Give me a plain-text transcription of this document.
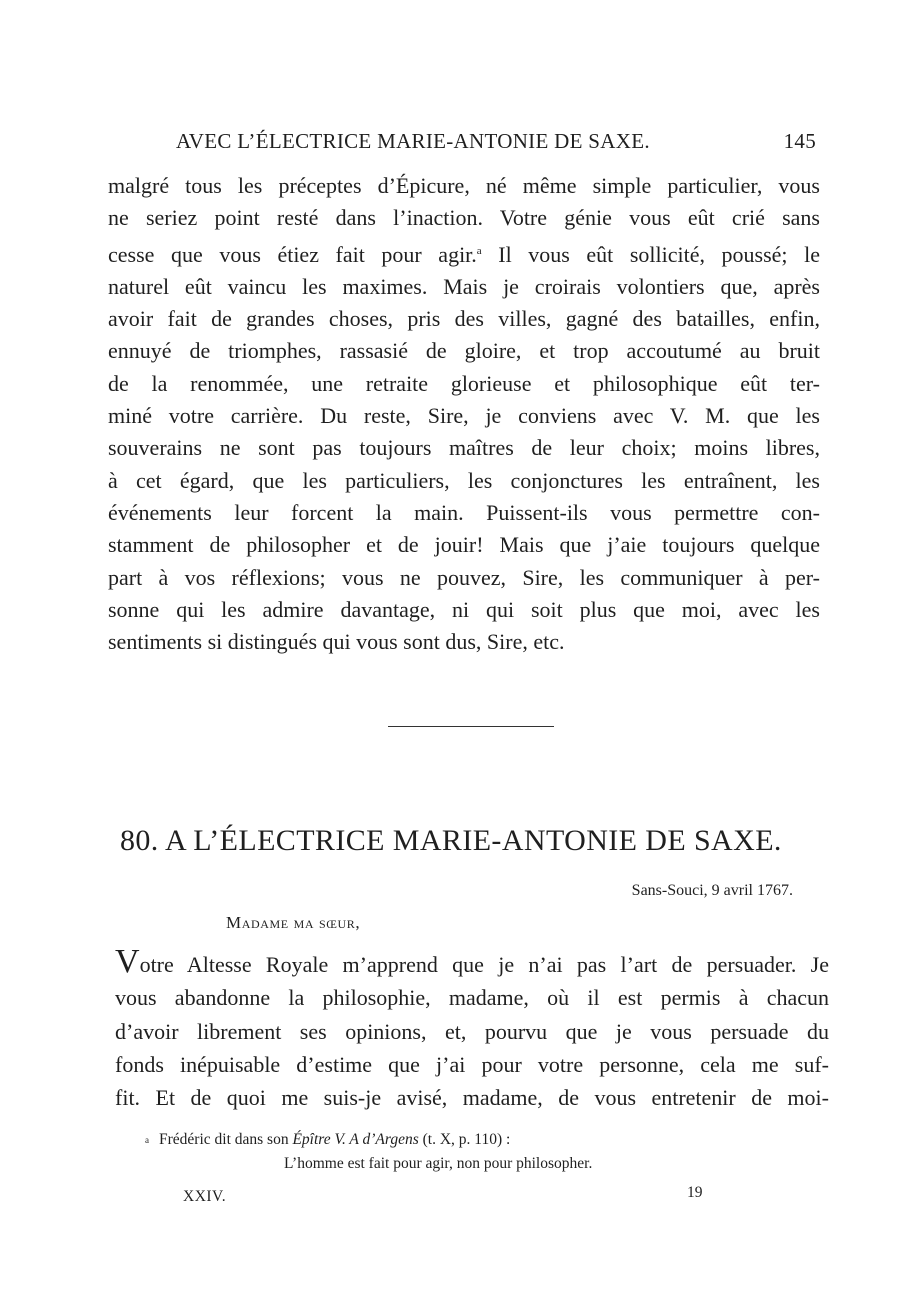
AVEC L’ÉLECTRICE MARIE-ANTONIE DE SAXE.	145
malgré tous les préceptes d’Épicure, né même simple particulier, vous
ne seriez point resté dans l’inaction. Votre génie vous eût crié sans
cesse que vous étiez fait pour agir.$^a$ Il vous eût sollicité, poussé; le
naturel eût vaincu les maximes. Mais je croirais volontiers que, après
avoir fait de grandes choses, pris des villes, gagné des batailles, enfin,
ennuyé de triomphes, rassasié de gloire, et trop accoutumé au bruit
de la renommée, une retraite glorieuse et philosophique eût ter-
miné votre carrière. Du reste, Sire, je conviens avec V. M. que les
souverains ne sont pas toujours maîtres de leur choix; moins libres,
à cet égard, que les particuliers, les conjonctures les entraînent, les
événements leur forcent la main. Puissent-ils vous permettre con-
stamment de philosopher et de jouir! Mais que j’aie toujours quelque
part à vos réflexions; vous ne pouvez, Sire, les communiquer à per-
sonne qui les admire davantage, ni qui soit plus que moi, avec les
sentiments si distingués qui vous sont dus, Sire, etc.
80. A L’ÉLECTRICE MARIE-ANTONIE DE SAXE.
Sans-Souci, 9 avril 1767.
Madame ma sœur,
Votre Altesse Royale m’apprend que je n’ai pas l’art de persuader. Je
vous abandonne la philosophie, madame, où il est permis à chacun
d’avoir librement ses opinions, et, pourvu que je vous persuade du
fonds inépuisable d’estime que j’ai pour votre personne, cela me suf-
fit. Et de quoi me suis-je avisé, madame, de vous entretenir de moi-
a Frédéric dit dans son Épître V. A d’Argens (t. X, p. 110) :
L’homme est fait pour agir, non pour philosopher.
XXIV.	19
